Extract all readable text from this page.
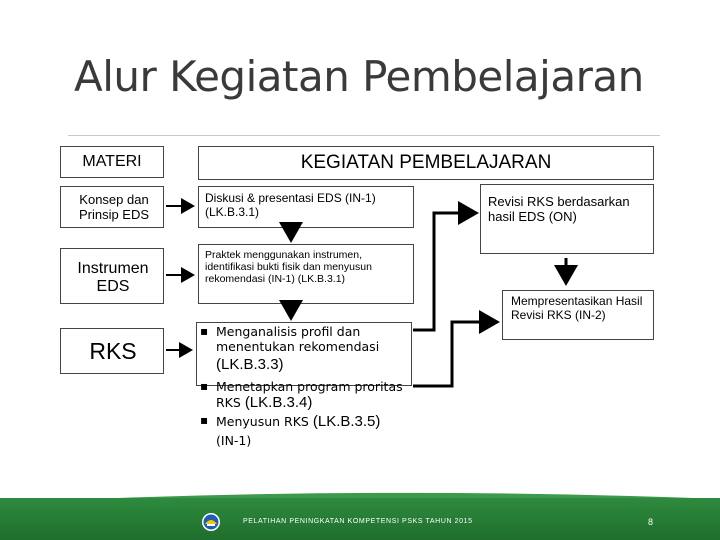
Alur Kegiatan Pembelajaran
MATERI	KEGIATAN PEMBELAJARAN
Konsep dan Prinsip EDS
Instrumen EDS
RKS
Diskusi & presentasi EDS (IN-1) (LK.B.3.1)
Praktek menggunakan instrumen, identifikasi bukti fisik dan menyusun rekomendasi (IN-1) (LK.B.3.1)
▪ Menganalisis profil dan menentukan rekomendasi
(LK.B.3.3)
▪ Menetapkan program proritas RKS (LK.B.3.4)
▪ Menyusun RKS (LK.B.3.5)
(IN-1)
Revisi RKS berdasarkan hasil EDS (ON)
Mempresentasikan Hasil Revisi RKS (IN-2)
PELATIHAN PENINGKATAN KOMPETENSI PSKS TAHUN 2015	8
